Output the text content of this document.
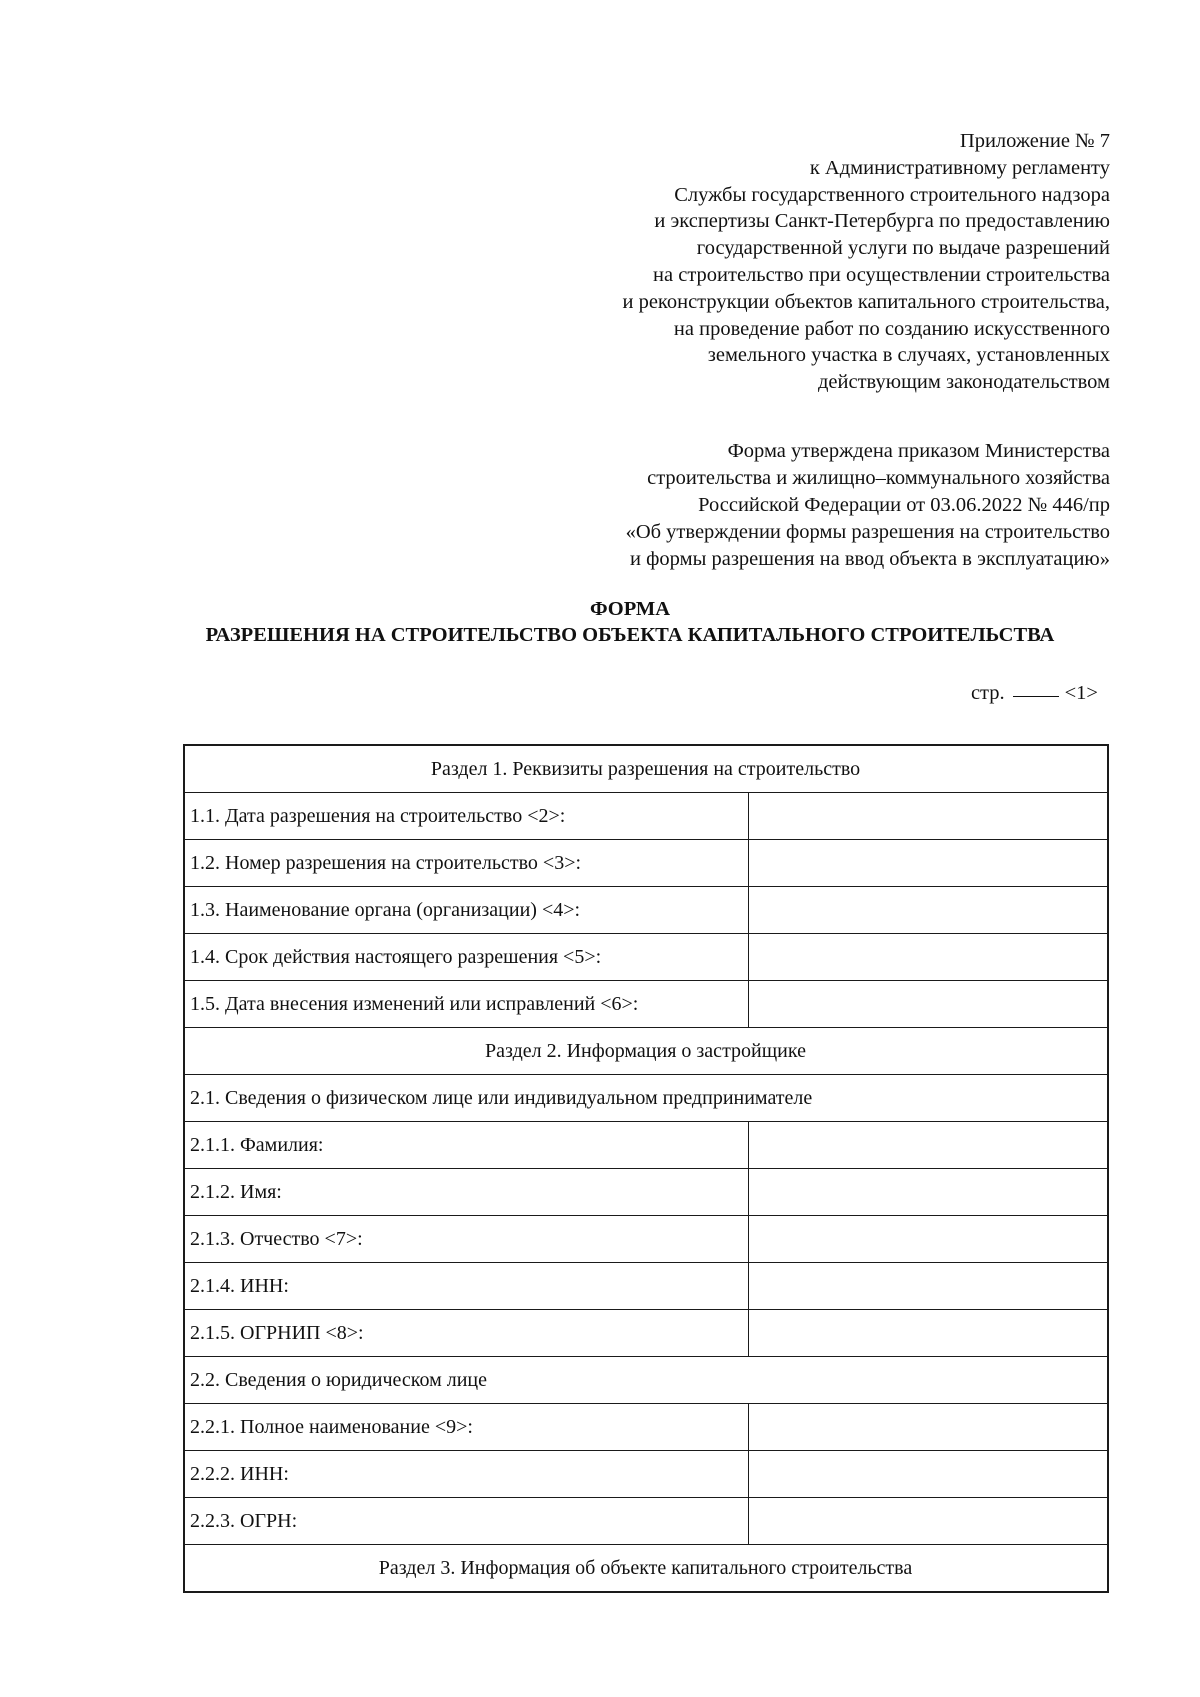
Приложение № 7
к Административному регламенту
Службы государственного строительного надзора
и экспертизы Санкт-Петербурга по предоставлению
государственной услуги по выдаче разрешений
на строительство при осуществлении строительства
и реконструкции объектов капитального строительства,
на проведение работ по созданию искусственного
земельного участка в случаях, установленных
действующим законодательством
Форма утверждена приказом Министерства
строительства и жилищно–коммунального хозяйства
Российской Федерации от 03.06.2022 № 446/пр
«Об утверждении формы разрешения на строительство
и формы разрешения на ввод объекта в эксплуатацию»
ФОРМА
РАЗРЕШЕНИЯ НА СТРОИТЕЛЬСТВО ОБЪЕКТА КАПИТАЛЬНОГО СТРОИТЕЛЬСТВА
стр.	<1>
Раздел 1. Реквизиты разрешения на строительство	
1.1. Дата разрешения на строительство <2>:	
1.2. Номер разрешения на строительство <3>:	
1.3. Наименование органа (организации) <4>:	
1.4. Срок действия настоящего разрешения <5>:	
1.5. Дата внесения изменений или исправлений <6>:	
Раздел 2. Информация о застройщике	
2.1. Сведения о физическом лице или индивидуальном предпринимателе	
2.1.1. Фамилия:	
2.1.2. Имя:	
2.1.3. Отчество <7>:	
2.1.4. ИНН:	
2.1.5. ОГРНИП <8>:	
2.2. Сведения о юридическом лице	
2.2.1. Полное наименование <9>:	
2.2.2. ИНН:	
2.2.3. ОГРН:	
Раздел 3. Информация об объекте капитального строительства	
